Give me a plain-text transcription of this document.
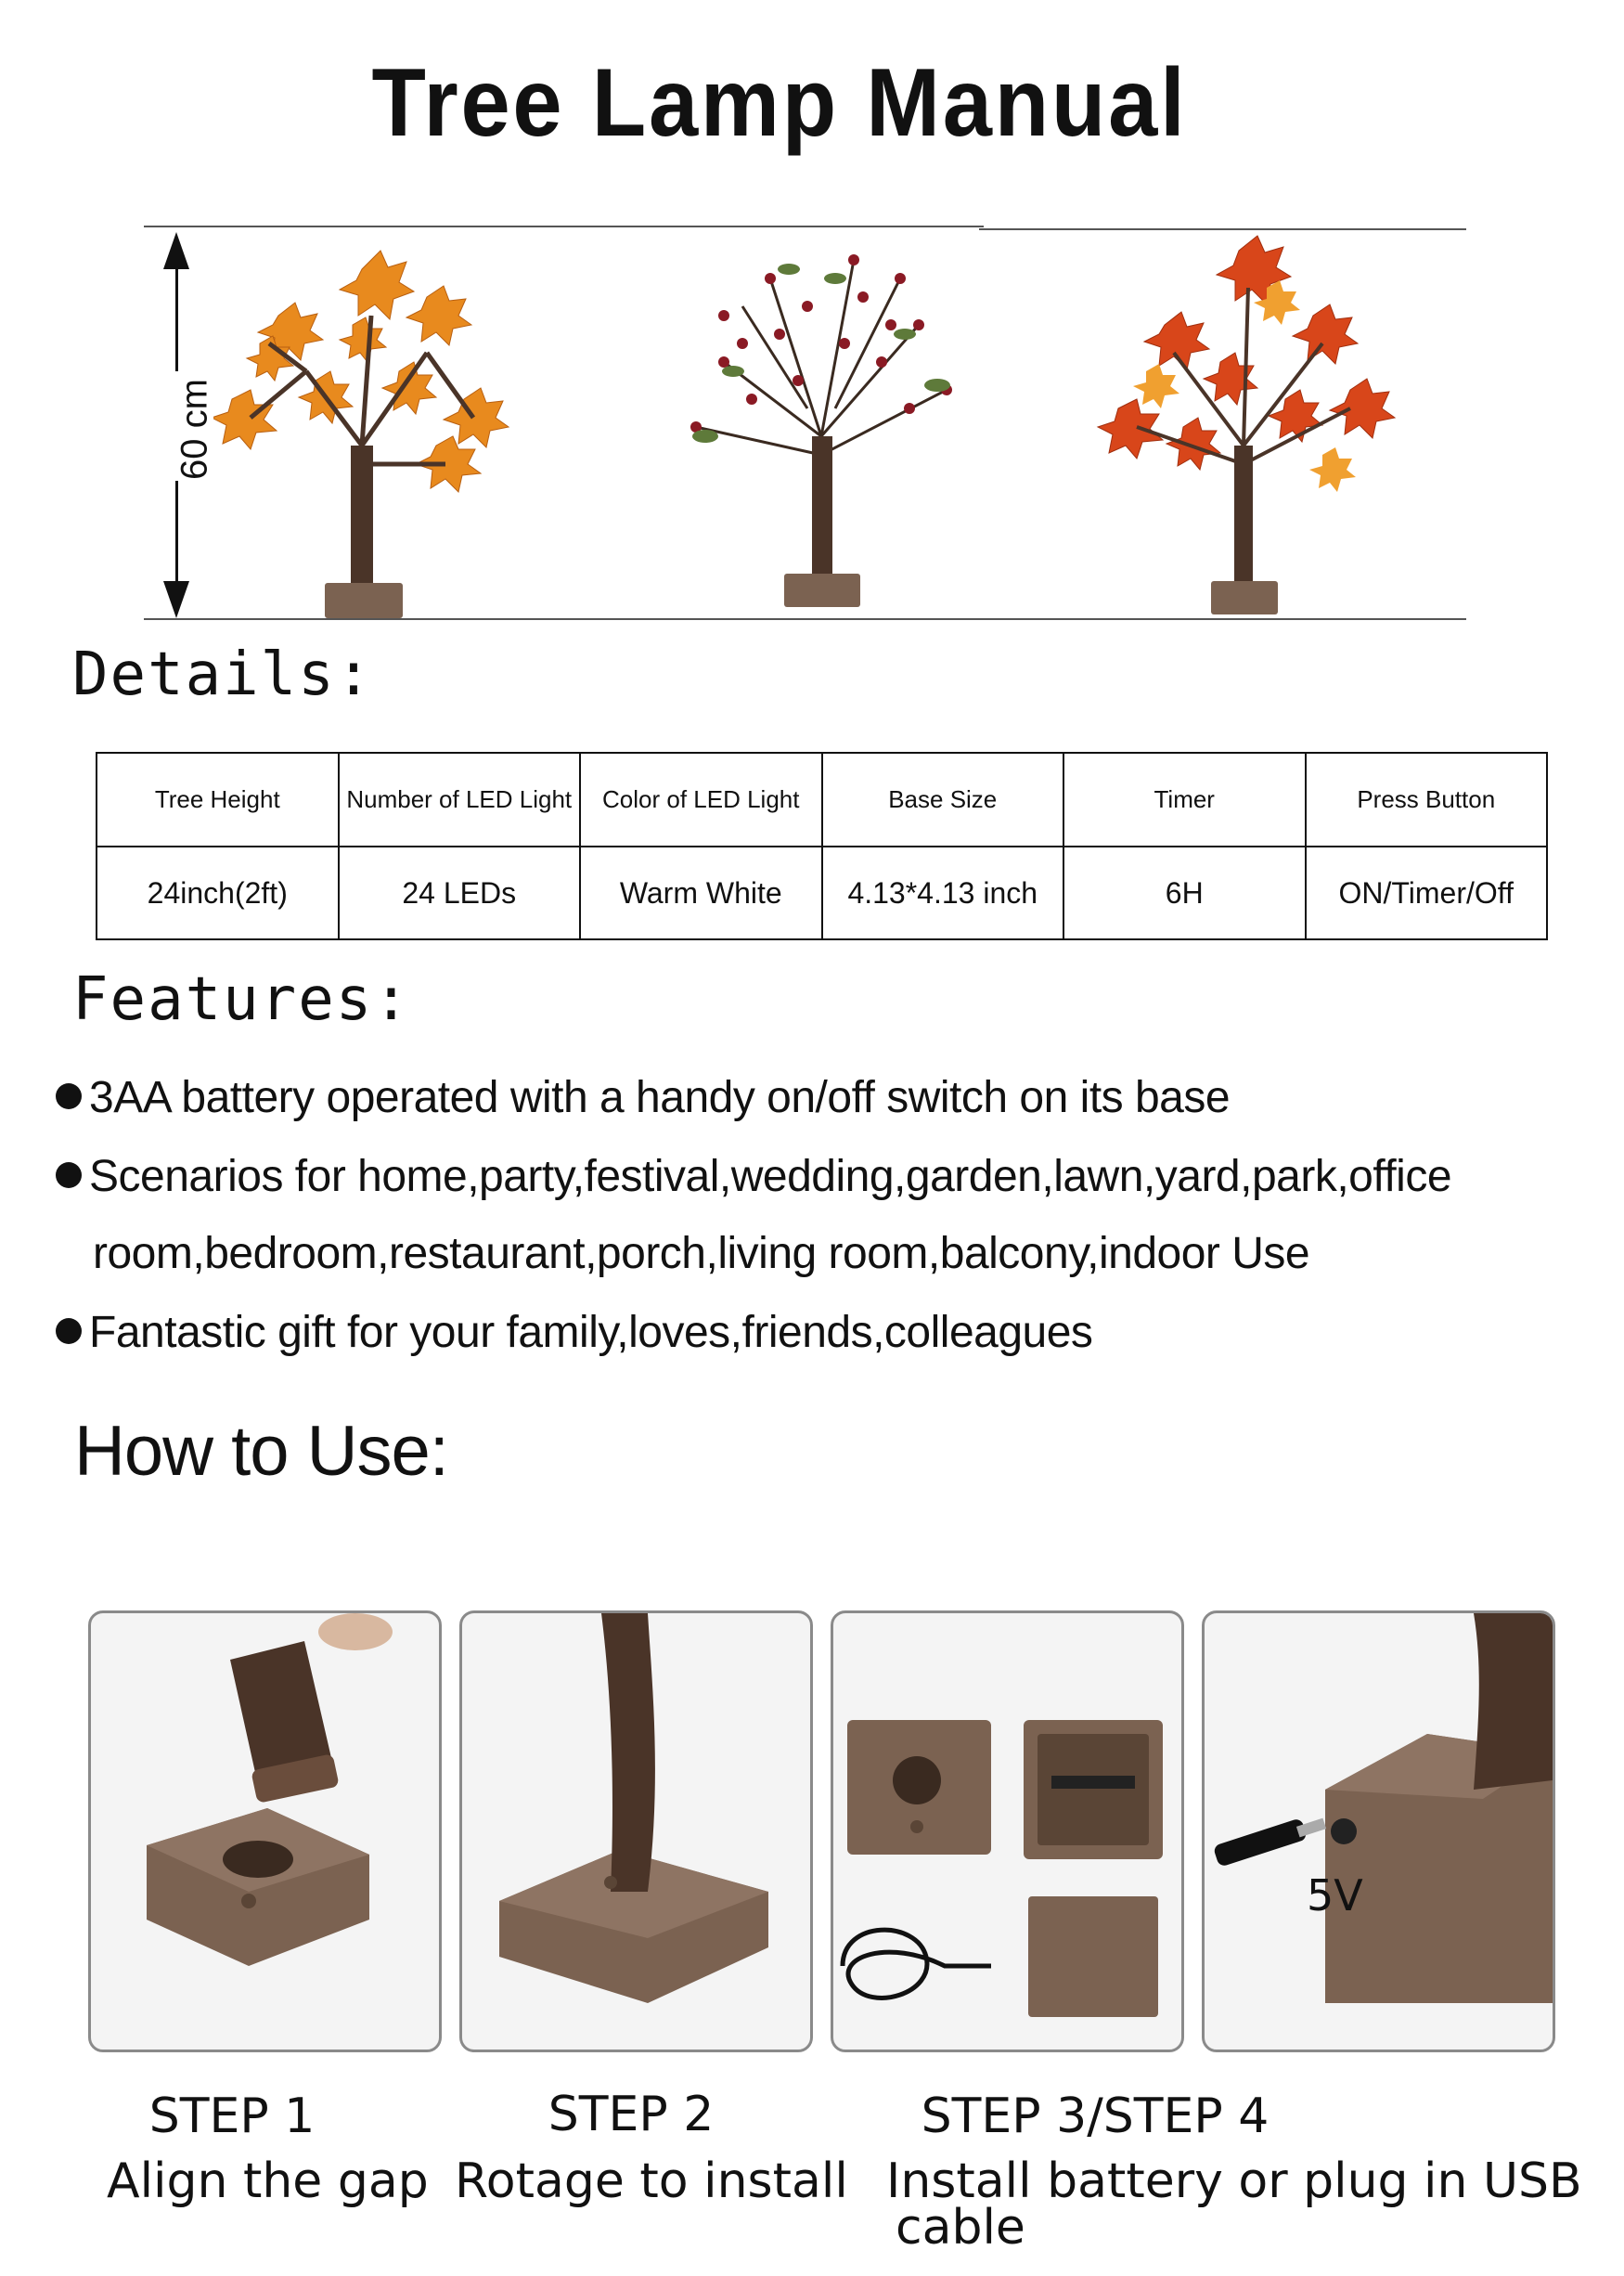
Tree Lamp Manual
60 cm
Details:
Tree Height	Number of LED Light	Color of LED Light	Base Size	Timer	Press Button
24inch(2ft)	24 LEDs	Warm White	4.13*4.13 inch	6H	ON/Timer/Off
Features:
3AA battery operated with a handy on/off switch on its base
Scenarios for home,party,festival,wedding,garden,lawn,yard,park,office
room,bedroom,restaurant,porch,living room,balcony,indoor Use
Fantastic gift for your family,loves,friends,colleagues
How to Use:
5V
STEP 1
Align the gap
STEP 2
Rotage to install
STEP 3/STEP 4
Install battery or plug in USB
cable
